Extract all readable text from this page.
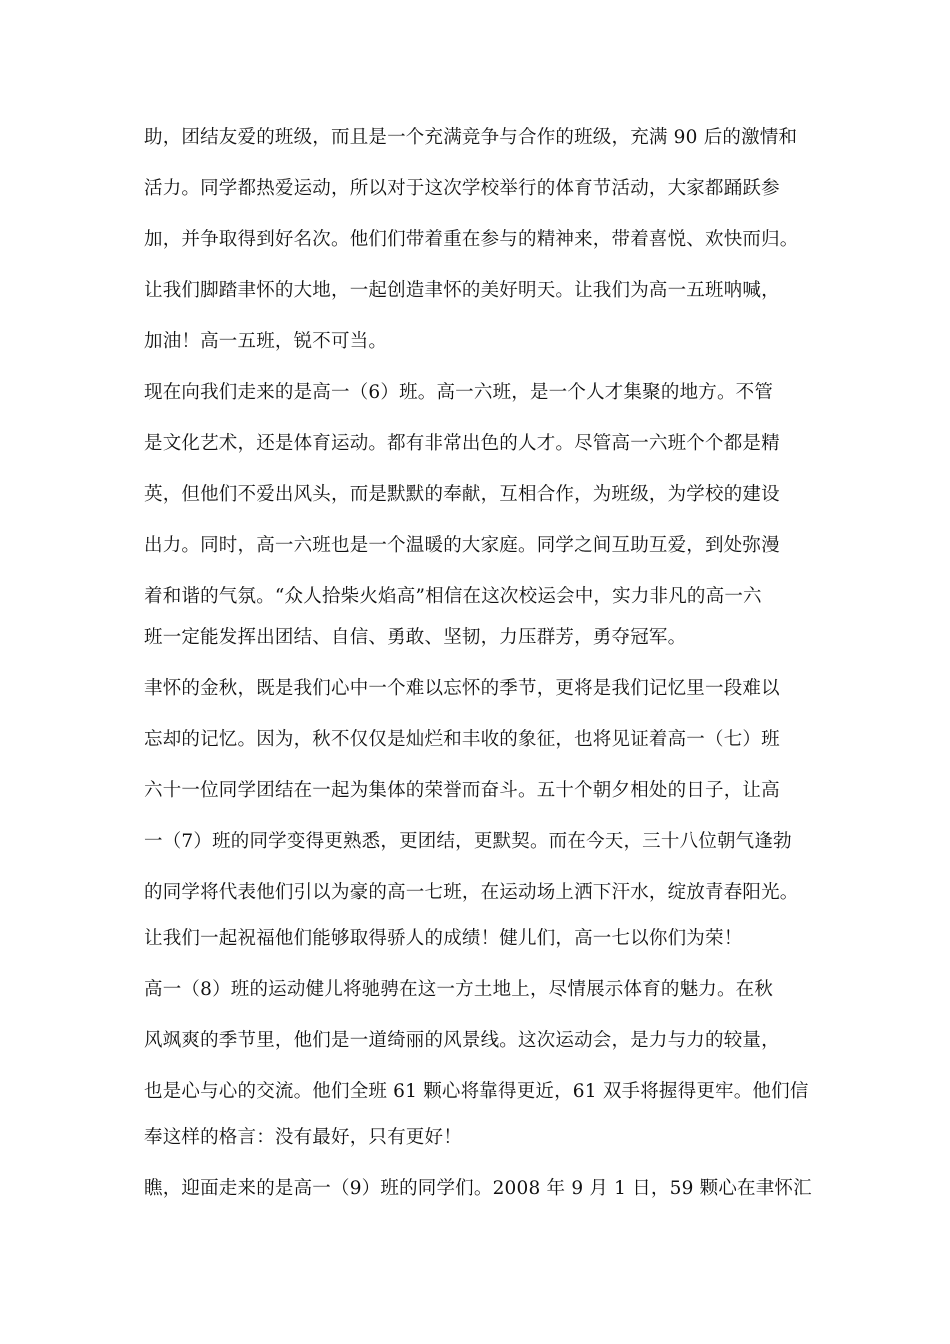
助，团结友爱的班级，而且是一个充满竞争与合作的班级，充满 90 后的激情和
活力。同学都热爱运动，所以对于这次学校举行的体育节活动，大家都踊跃参
加，并争取得到好名次。他们们带着重在参与的精神来，带着喜悦、欢快而归。
让我们脚踏聿怀的大地，一起创造聿怀的美好明天。让我们为高一五班呐喊，
加油！高一五班，锐不可当。
现在向我们走来的是高一（6）班。高一六班，是一个人才集聚的地方。不管
是文化艺术，还是体育运动。都有非常出色的人才。尽管高一六班个个都是精
英，但他们不爱出风头，而是默默的奉献，互相合作，为班级，为学校的建设
出力。同时，高一六班也是一个温暖的大家庭。同学之间互助互爱，到处弥漫
着和谐的气氛。“众人拾柴火焰高”相信在这次校运会中，实力非凡的高一六
班一定能发挥出团结、自信、勇敢、坚韧，力压群芳，勇夺冠军。
聿怀的金秋，既是我们心中一个难以忘怀的季节，更将是我们记忆里一段难以
忘却的记忆。因为，秋不仅仅是灿烂和丰收的象征，也将见证着高一（七）班
六十一位同学团结在一起为集体的荣誉而奋斗。五十个朝夕相处的日子，让高
一（7）班的同学变得更熟悉，更团结，更默契。而在今天，三十八位朝气逢勃
的同学将代表他们引以为豪的高一七班，在运动场上洒下汗水，绽放青春阳光。
让我们一起祝福他们能够取得骄人的成绩！健儿们，高一七以你们为荣！
高一（8）班的运动健儿将驰骋在这一方土地上，尽情展示体育的魅力。在秋
风飒爽的季节里，他们是一道绮丽的风景线。这次运动会，是力与力的较量，
也是心与心的交流。他们全班 61 颗心将靠得更近，61 双手将握得更牢。他们信
奉这样的格言：没有最好，只有更好！
瞧，迎面走来的是高一（9）班的同学们。2008 年 9 月 1 日，59 颗心在聿怀汇
